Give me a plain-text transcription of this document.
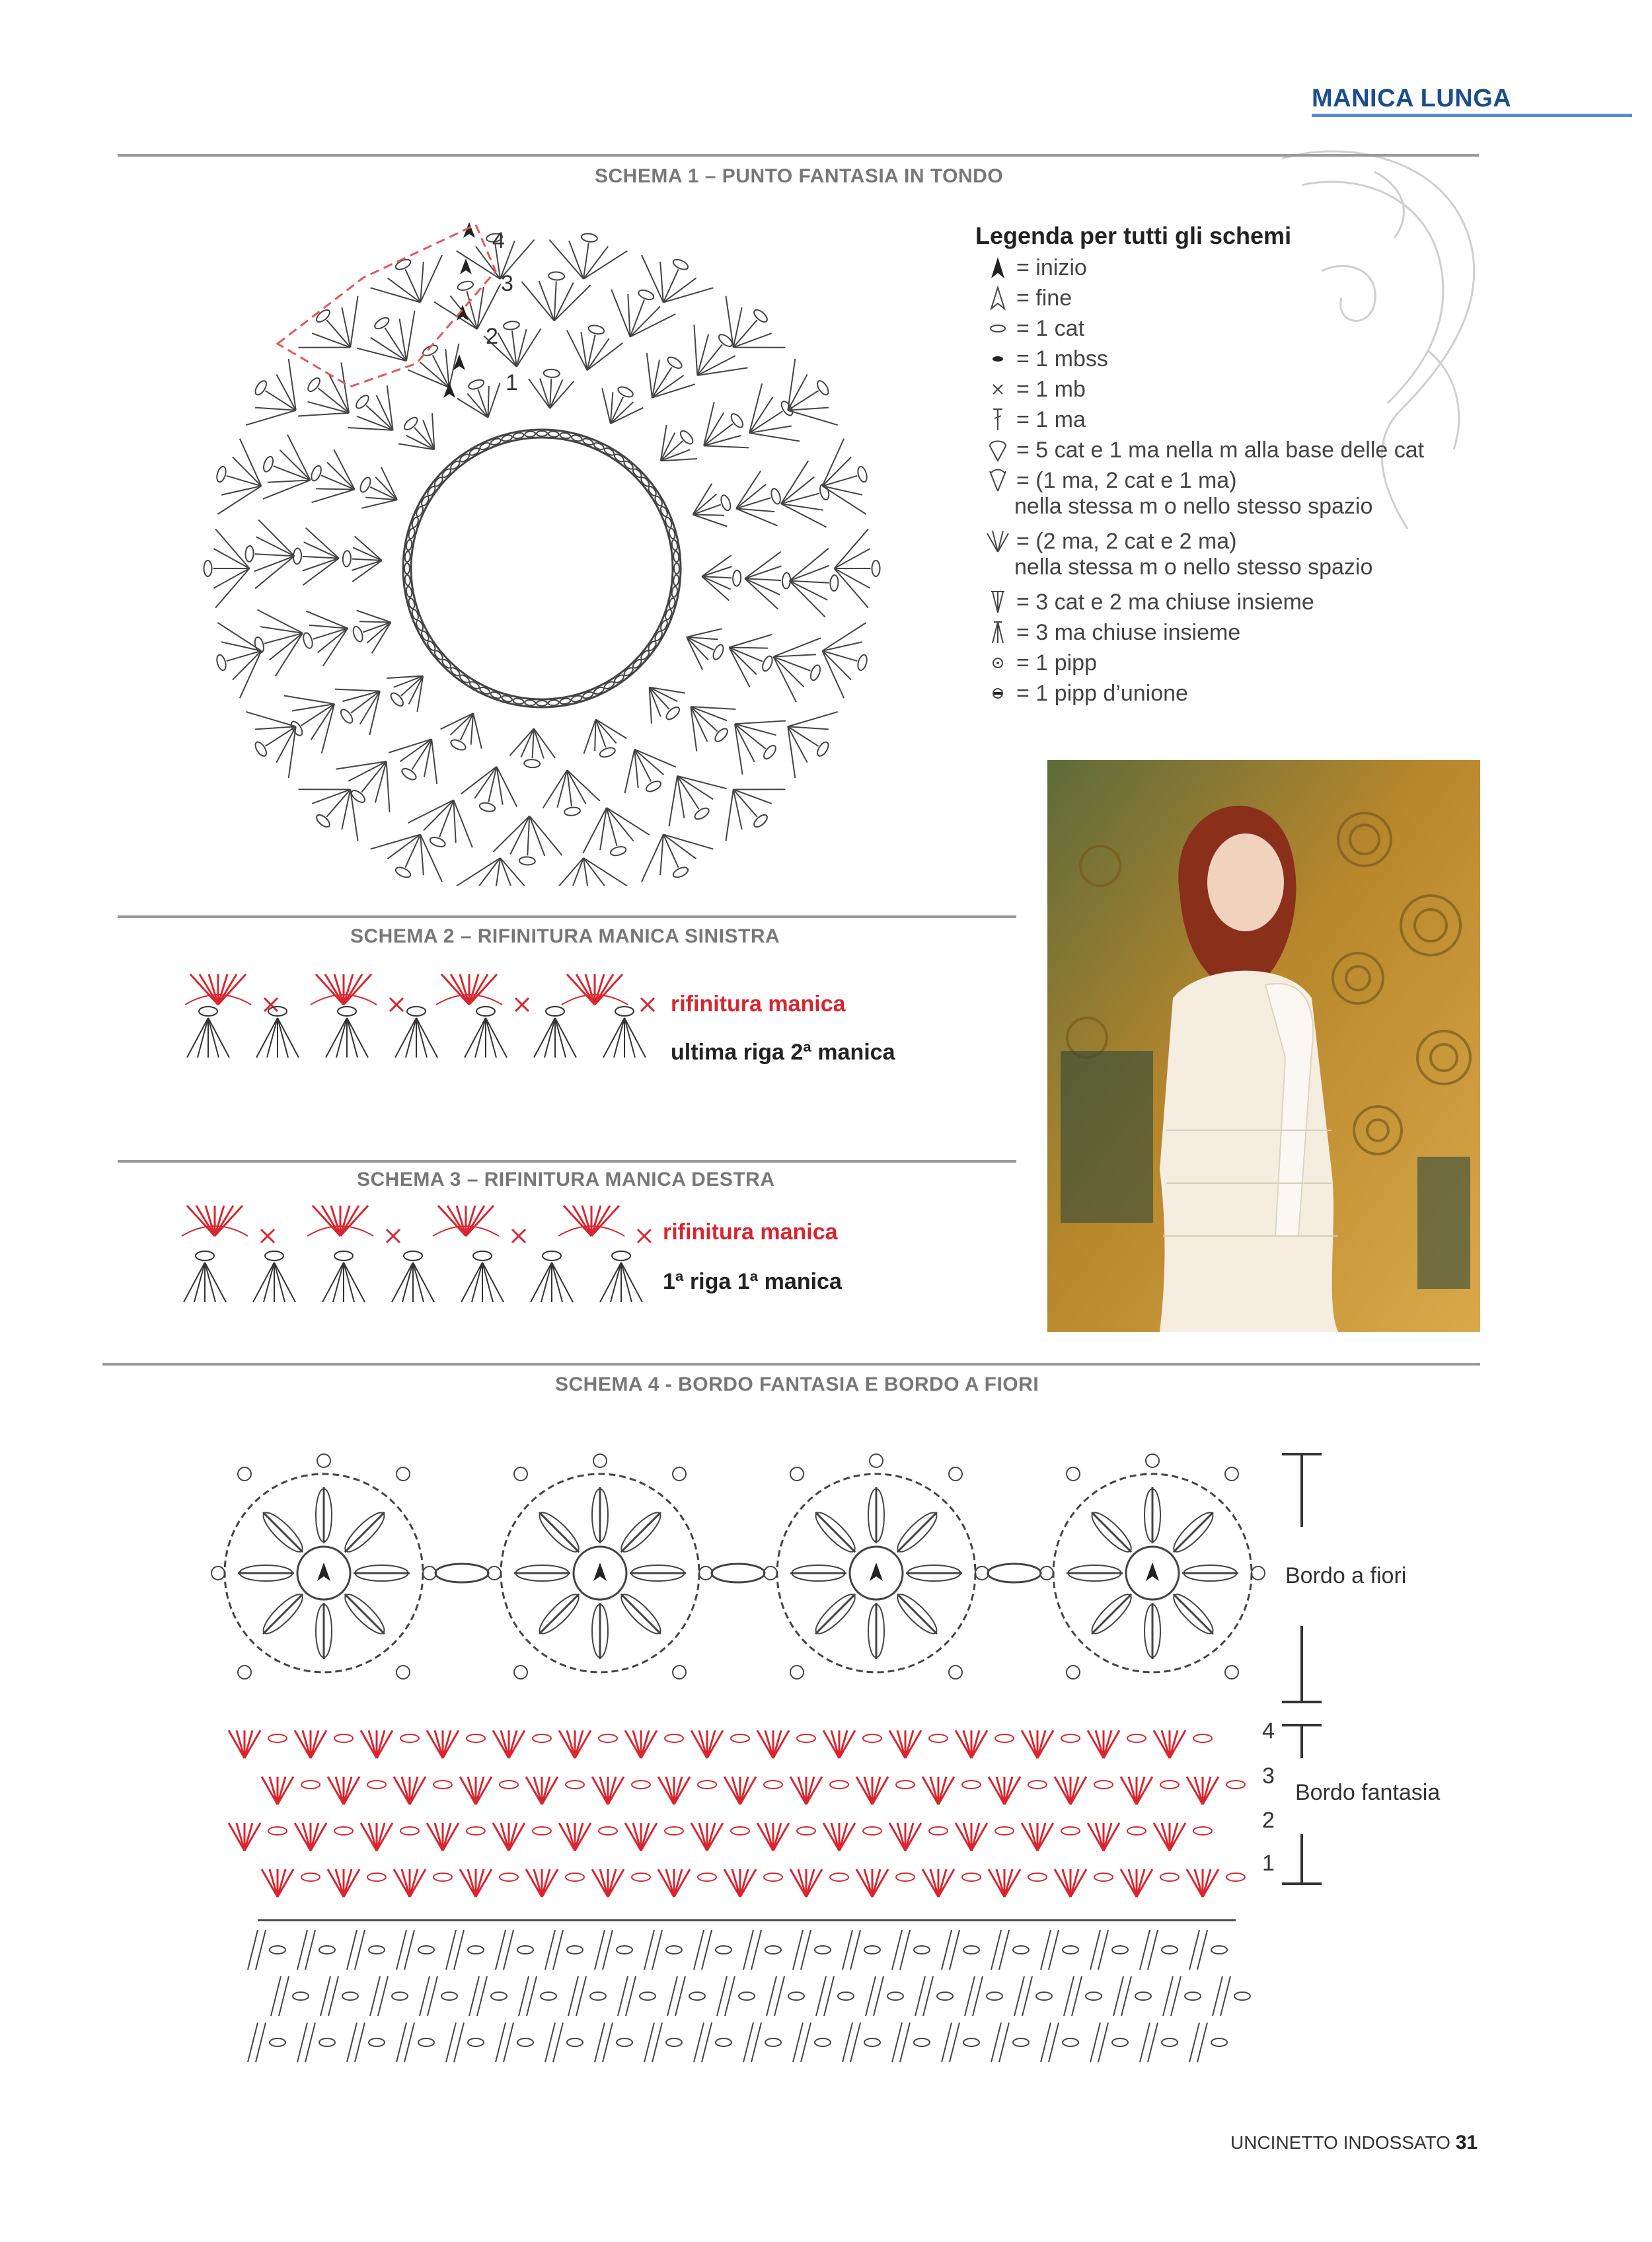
MANICA LUNGA
SCHEMA 1 – PUNTO FANTASIA IN TONDO
4
3
2
1
Legenda per tutti gli schemi
= inizio
= fine
= 1 cat
= 1 mbss
= 1 mb
= 1 ma
= 5 cat e 1 ma nella m alla base delle cat
= (1 ma, 2 cat e 1 ma)
nella stessa m o nello stesso spazio
= (2 ma, 2 cat e 2 ma)
nella stessa m o nello stesso spazio
= 3 cat e 2 ma chiuse insieme
= 3 ma chiuse insieme
= 1 pipp
= 1 pipp d’unione
SCHEMA 2 – RIFINITURA MANICA SINISTRA
rifinitura manica
ultima riga 2ª manica
SCHEMA 3 – RIFINITURA MANICA DESTRA
rifinitura manica
1ª riga 1ª manica
SCHEMA 4 - BORDO FANTASIA E BORDO A FIORI
Bordo a fiori
Bordo fantasia
4
3
2
1
UNCINETTO INDOSSATO 31
